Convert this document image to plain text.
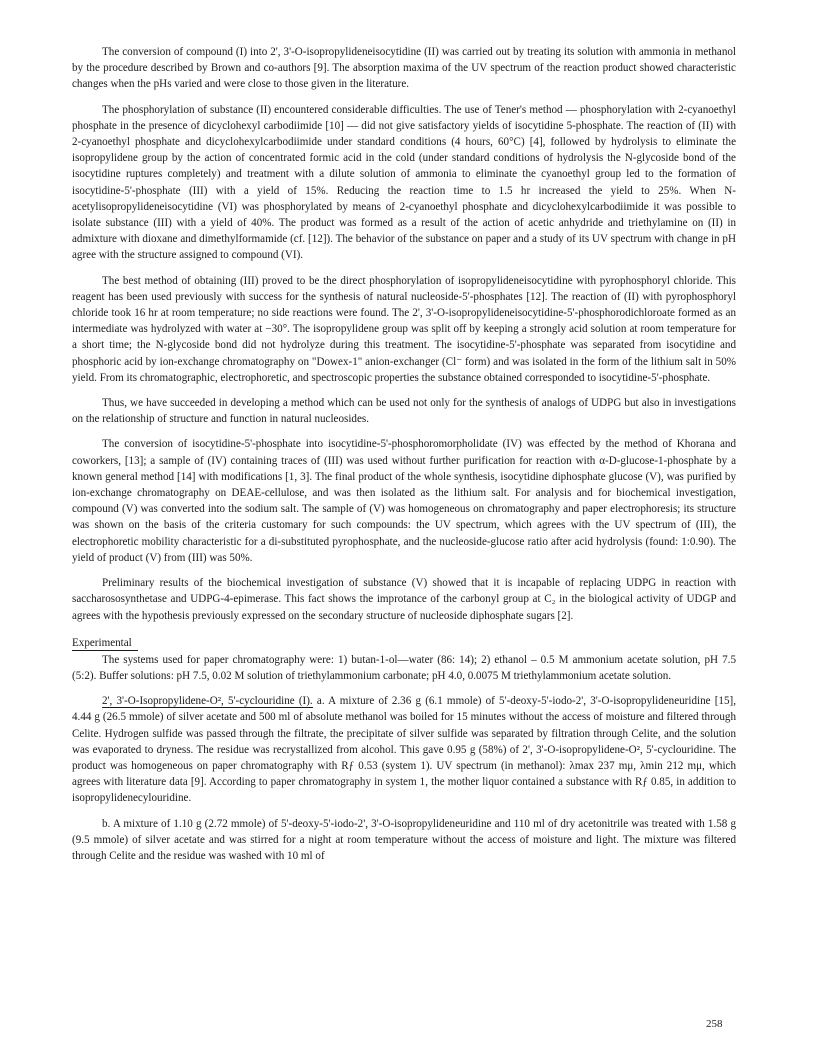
The conversion of compound (I) into 2', 3'-O-isopropylideneisocytidine (II) was carried out by treating its solution with ammonia in methanol by the procedure described by Brown and co-authors [9]. The absorption maxima of the UV spectrum of the reaction product showed characteristic changes when the pHs varied and were close to those given in the literature.

The phosphorylation of substance (II) encountered considerable difficulties. The use of Tener's method — phosphorylation with 2-cyanoethyl phosphate in the presence of dicyclohexyl carbodiimide [10] — did not give satisfactory yields of isocytidine 5-phosphate. The reaction of (II) with 2-cyanoethyl phosphate and dicyclohexylcarbodiimide under standard conditions (4 hours, 60°C) [4], followed by hydrolysis to eliminate the isopropylidene group by the action of concentrated formic acid in the cold (under standard conditions of hydrolysis the N-glycoside bond of the isocytidine ruptures completely) and treatment with a dilute solution of ammonia to eliminate the cyanoethyl group led to the formation of isocytidine-5'-phosphate (III) with a yield of 15%. Reducing the reaction time to 1.5 hr increased the yield to 25%. When N-acetylisopropylideneisocytidine (VI) was phosphorylated by means of 2-cyanoethyl phosphate and dicyclohexylcarbodiimide it was possible to isolate substance (III) with a yield of 40%. The product was formed as a result of the action of acetic anhydride and triethylamine on (II) in admixture with dioxane and dimethylformamide (cf. [12]). The behavior of the substance on paper and a study of its UV spectrum with change in pH agree with the structure assigned to compound (VI).

The best method of obtaining (III) proved to be the direct phosphorylation of isopropylideneisocytidine with pyrophosphoryl chloride. This reagent has been used previously with success for the synthesis of natural nucleoside-5'-phosphates [12]. The reaction of (II) with pyrophosphoryl chloride took 16 hr at room temperature; no side reactions were found. The 2', 3'-O-isopropylideneisocytidine-5'-phosphorodichloroate formed as an intermediate was hydrolyzed with water at −30°. The isopropylidene group was split off by keeping a strongly acid solution at room temperature for a short time; the N-glycoside bond did not hydrolyze during this treatment. The isocytidine-5'-phosphate was separated from isocytidine and phosphoric acid by ion-exchange chromatography on "Dowex-1" anion-exchanger (Cl⁻ form) and was isolated in the form of the lithium salt in 50% yield. From its chromatographic, electrophoretic, and spectroscopic properties the substance obtained corresponded to isocytidine-5'-phosphate.

Thus, we have succeeded in developing a method which can be used not only for the synthesis of analogs of UDPG but also in investigations on the relationship of structure and function in natural nucleosides.

The conversion of isocytidine-5'-phosphate into isocytidine-5'-phosphoromorpholidate (IV) was effected by the method of Khorana and coworkers, [13]; a sample of (IV) containing traces of (III) was used without further purification for reaction with α-D-glucose-1-phosphate by a known general method [14] with modifications [1, 3]. The final product of the whole synthesis, isocytidine diphosphate glucose (V), was purified by ion-exchange chromatography on DEAE-cellulose, and was then isolated as the lithium salt. For analysis and for biochemical investigation, compound (V) was converted into the sodium salt. The sample of (V) was homogeneous on chromatography and paper electrophoresis; its structure was shown on the basis of the criteria customary for such compounds: the UV spectrum, which agrees with the UV spectrum of (III), the electrophoretic mobility characteristic for a di-substituted pyrophosphate, and the nucleoside-glucose ratio after acid hydrolysis (found: 1:0.90). The yield of product (V) from (III) was 50%.

Preliminary results of the biochemical investigation of substance (V) showed that it is incapable of replacing UDPG in reaction with saccharososynthetase and UDPG-4-epimerase. This fact shows the improtance of the carbonyl group at C₂ in the biological activity of UDGP and agrees with the hypothesis previously expressed on the secondary structure of nucleoside diphosphate sugars [2].

Experimental

The systems used for paper chromatography were: 1) butan-1-ol—water (86: 14); 2) ethanol – 0.5 M ammonium acetate solution, pH 7.5 (5:2). Buffer solutions: pH 7.5, 0.02 M solution of triethylammonium carbonate; pH 4.0, 0.0075 M triethylammonium acetate solution.

2', 3'-O-Isopropylidene-O², 5'-cyclouridine (I). a. A mixture of 2.36 g (6.1 mmole) of 5'-deoxy-5'-iodo-2', 3'-O-isopropylideneuridine [15], 4.44 g (26.5 mmole) of silver acetate and 500 ml of absolute methanol was boiled for 15 minutes without the access of moisture and filtered through Celite. Hydrogen sulfide was passed through the filtrate, the precipitate of silver sulfide was separated by filtration through Celite, and the solution was evaporated to dryness. The residue was recrystallized from alcohol. This gave 0.95 g (58%) of 2', 3'-O-isopropylidene-O², 5'-cyclouridine. The product was homogeneous on paper chromatography with Rƒ 0.53 (system 1). UV spectrum (in methanol): λmax 237 mμ, λmin 212 mμ, which agrees with literature data [9]. According to paper chromatography in system 1, the mother liquor contained a substance with Rƒ 0.85, in addition to isopropylidenecylouridine.

b. A mixture of 1.10 g (2.72 mmole) of 5'-deoxy-5'-iodo-2', 3'-O-isopropylideneuridine and 110 ml of dry acetonitrile was treated with 1.58 g (9.5 mmole) of silver acetate and was stirred for a night at room temperature without the access of moisture and light. The mixture was filtered through Celite and the residue was washed with 10 ml of

258
